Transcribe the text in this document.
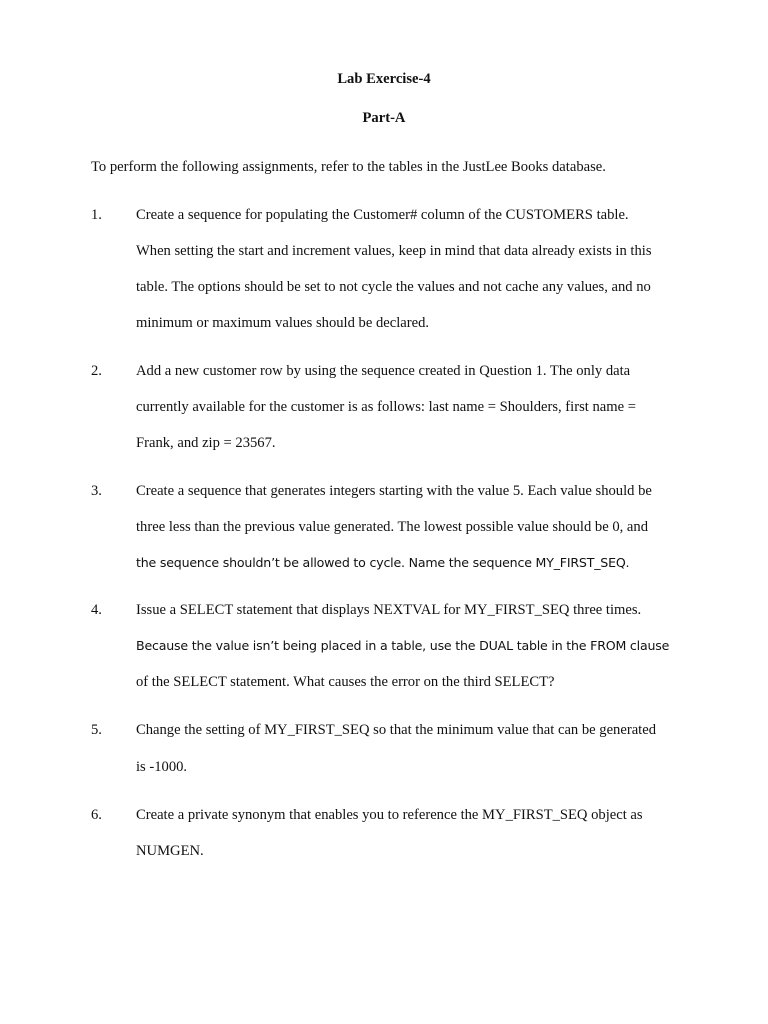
Lab Exercise-4
Part-A
To perform the following assignments, refer to the tables in the JustLee Books database.
1. Create a sequence for populating the Customer# column of the CUSTOMERS table.
When setting the start and increment values, keep in mind that data already exists in this
table. The options should be set to not cycle the values and not cache any values, and no
minimum or maximum values should be declared.
2. Add a new customer row by using the sequence created in Question 1. The only data
currently available for the customer is as follows: last name = Shoulders, first name =
Frank, and zip = 23567.
3. Create a sequence that generates integers starting with the value 5. Each value should be
three less than the previous value generated. The lowest possible value should be 0, and
the sequence shouldn’t be allowed to cycle. Name the sequence MY_FIRST_SEQ.
4. Issue a SELECT statement that displays NEXTVAL for MY_FIRST_SEQ three times.
Because the value isn’t being placed in a table, use the DUAL table in the FROM clause
of the SELECT statement. What causes the error on the third SELECT?
5. Change the setting of MY_FIRST_SEQ so that the minimum value that can be generated
is -1000.
6. Create a private synonym that enables you to reference the MY_FIRST_SEQ object as
NUMGEN.
